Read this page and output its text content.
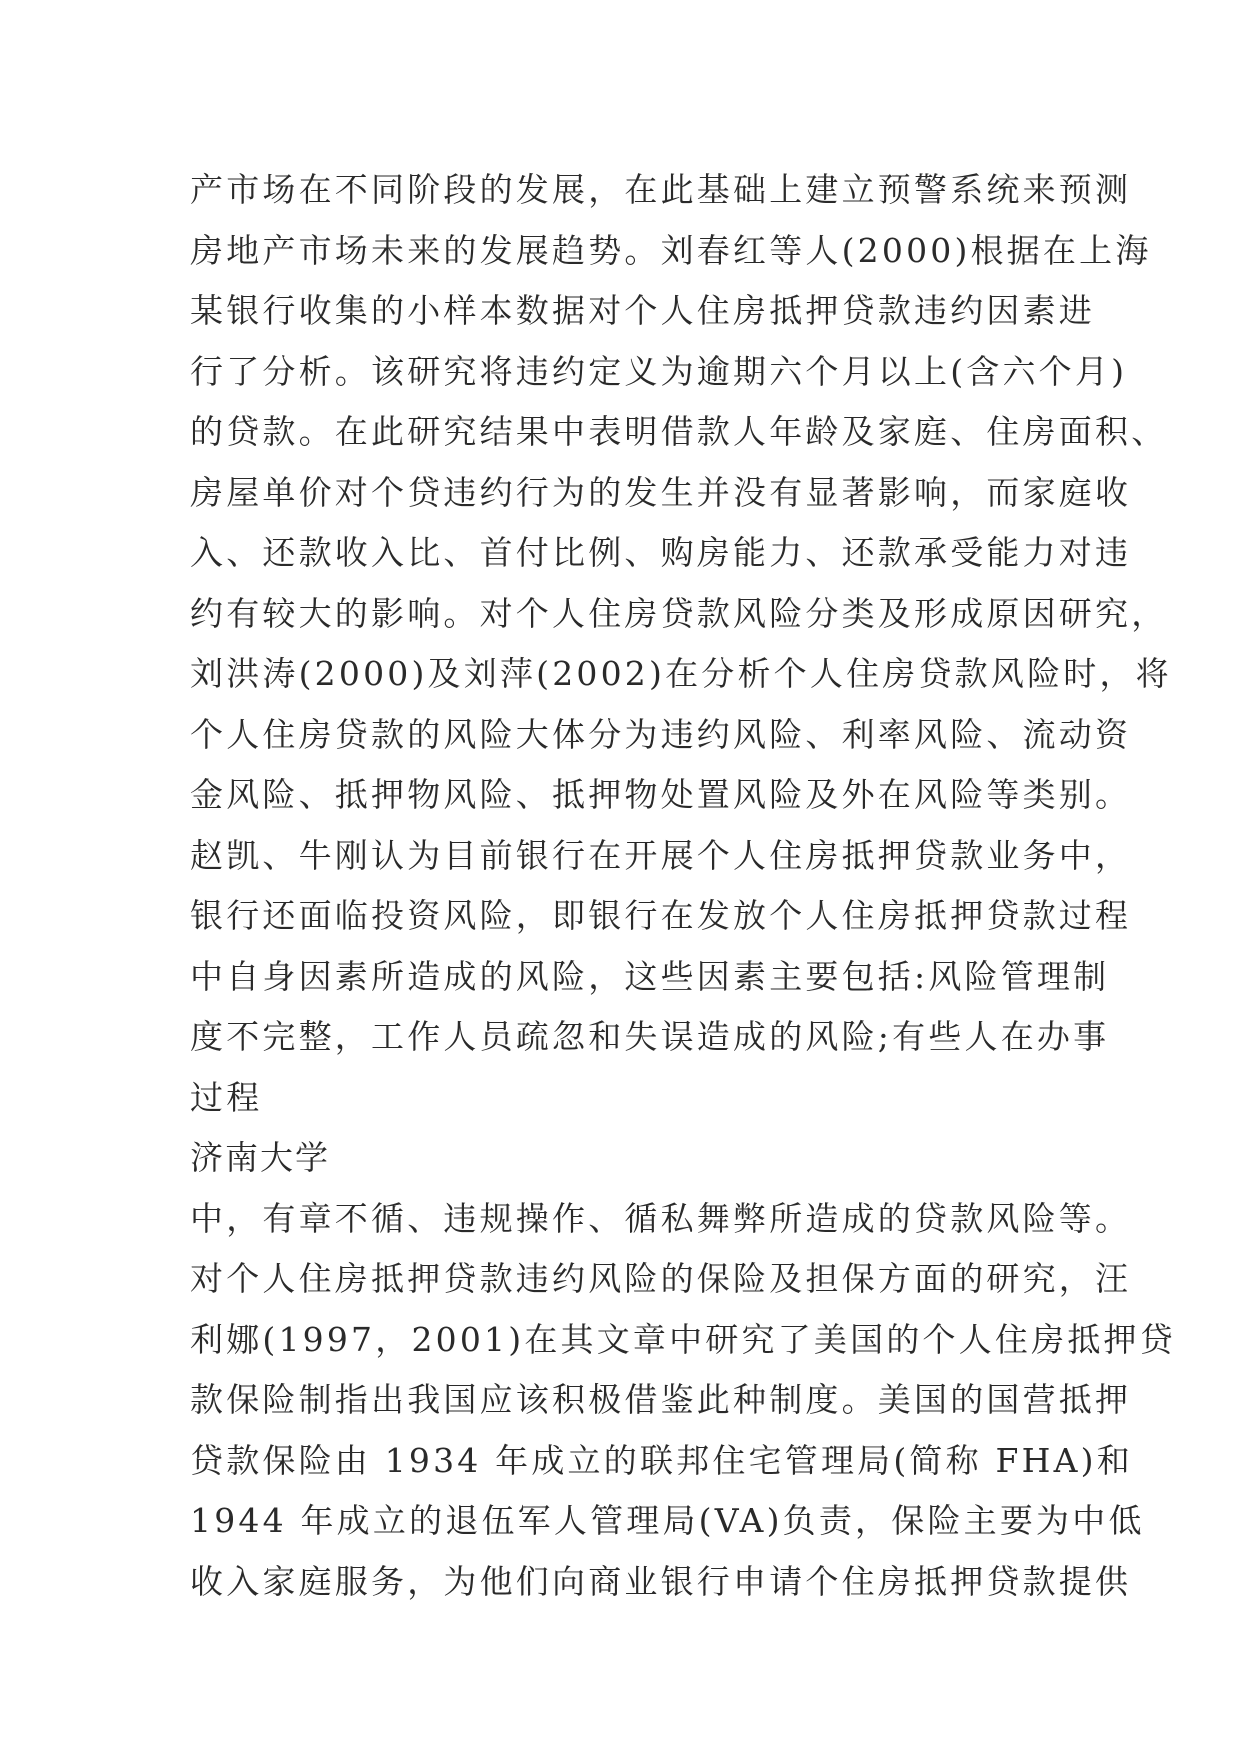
产市场在不同阶段的发展，在此基础上建立预警系统来预测
房地产市场未来的发展趋势。刘春红等人(2000)根据在上海
某银行收集的小样本数据对个人住房抵押贷款违约因素进
行了分析。该研究将违约定义为逾期六个月以上(含六个月)
的贷款。在此研究结果中表明借款人年龄及家庭、住房面积、
房屋单价对个贷违约行为的发生并没有显著影响，而家庭收
入、还款收入比、首付比例、购房能力、还款承受能力对违
约有较大的影响。对个人住房贷款风险分类及形成原因研究，
刘洪涛(2000)及刘萍(2002)在分析个人住房贷款风险时，将
个人住房贷款的风险大体分为违约风险、利率风险、流动资
金风险、抵押物风险、抵押物处置风险及外在风险等类别。
赵凯、牛刚认为目前银行在开展个人住房抵押贷款业务中，
银行还面临投资风险，即银行在发放个人住房抵押贷款过程
中自身因素所造成的风险，这些因素主要包括:风险管理制
度不完整，工作人员疏忽和失误造成的风险;有些人在办事
过程
济南大学
中，有章不循、违规操作、循私舞弊所造成的贷款风险等。
对个人住房抵押贷款违约风险的保险及担保方面的研究，汪
利娜(1997，2001)在其文章中研究了美国的个人住房抵押贷
款保险制指出我国应该积极借鉴此种制度。美国的国营抵押
贷款保险由 1934 年成立的联邦住宅管理局(简称 FHA)和
1944 年成立的退伍军人管理局(VA)负责，保险主要为中低
收入家庭服务，为他们向商业银行申请个住房抵押贷款提供
